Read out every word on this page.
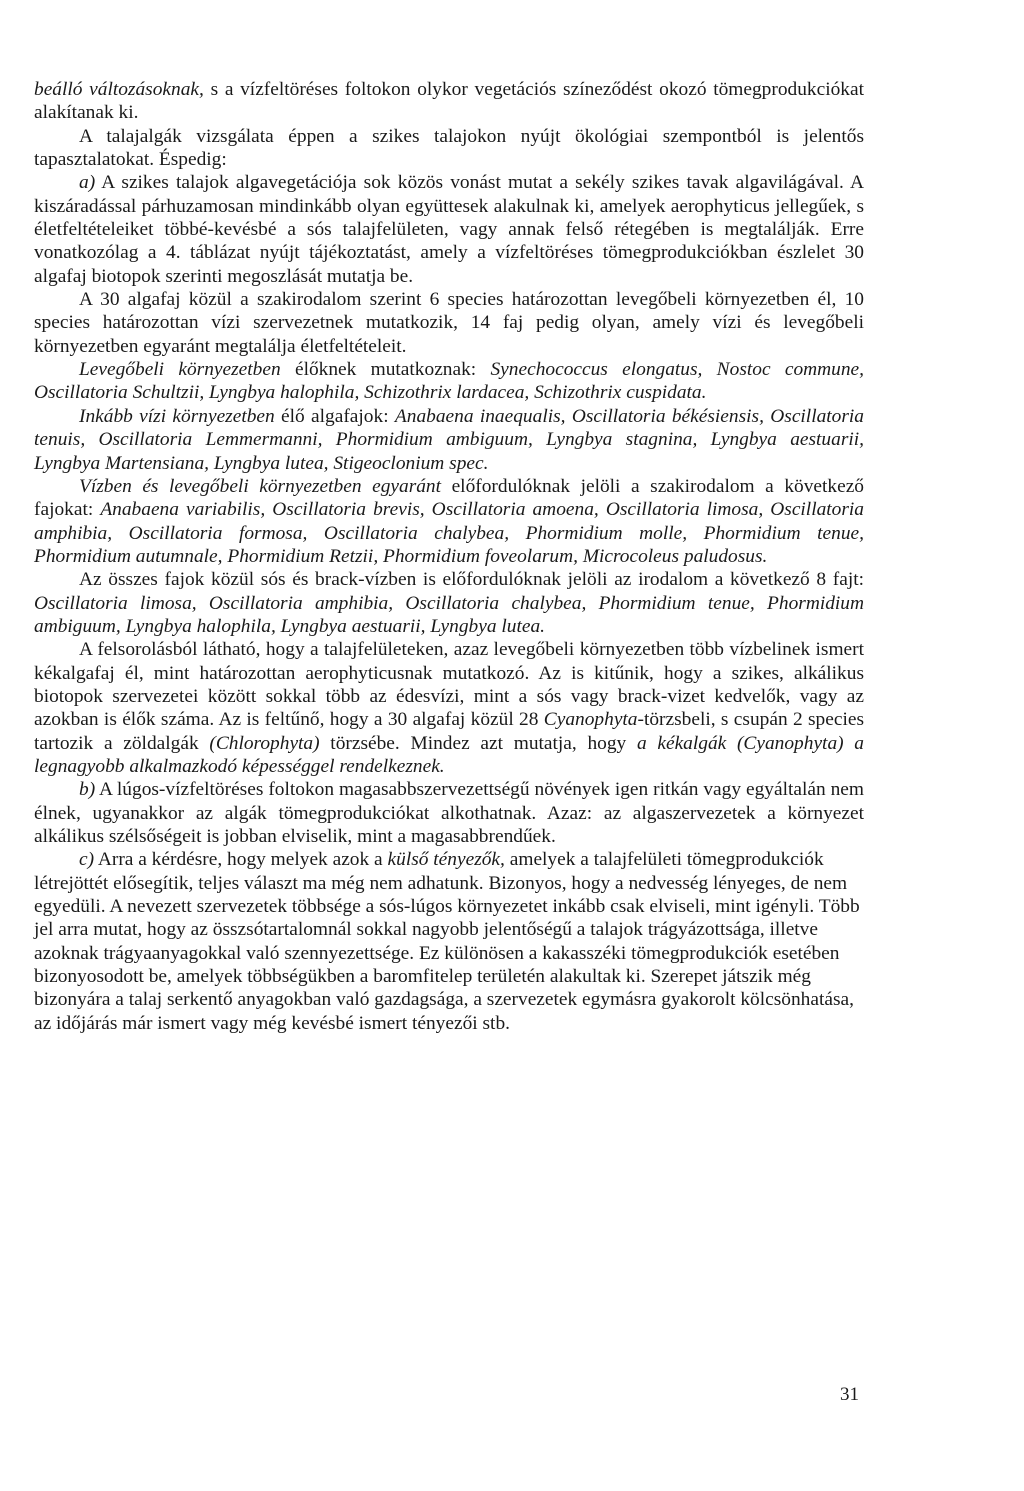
beálló változásoknak, s a vízfeltöréses foltokon olykor vegetációs színeződést okozó tömegprodukciókat alakítanak ki.

A talajalgák vizsgálata éppen a szikes talajokon nyújt ökológiai szempontból is jelentős tapasztalatokat. Éspedig:

a) A szikes talajok algavegetációja sok közös vonást mutat a sekély szikes tavak algavilágával. A kiszáradással párhuzamosan mindinkább olyan együttesek alakulnak ki, amelyek aerophyticus jellegűek, s életfeltételeiket többé-kevésbé a sós talajfelületen, vagy annak felső rétegében is megtalálják. Erre vonatkozólag a 4. táblázat nyújt tájékoztatást, amely a vízfeltöréses tömegprodukciókban észlelet 30 algafaj biotopok szerinti megoszlását mutatja be.

A 30 algafaj közül a szakirodalom szerint 6 species határozottan levegőbeli környezetben él, 10 species határozottan vízi szervezetnek mutatkozik, 14 faj pedig olyan, amely vízi és levegőbeli környezetben egyaránt megtalálja életfeltételeit.

Levegőbeli környezetben élőknek mutatkoznak: Synechococcus elongatus, Nostoc commune, Oscillatoria Schultzii, Lyngbya halophila, Schizothrix lardacea, Schizothrix cuspidata.

Inkább vízi környezetben élő algafajok: Anabaena inaequalis, Oscillatoria békésiensis, Oscillatoria tenuis, Oscillatoria Lemmermanni, Phormidium ambiguum, Lyngbya stagnina, Lyngbya aestuarii, Lyngbya Martensiana, Lyngbya lutea, Stigeoclonium spec.

Vízben és levegőbeli környezetben egyaránt előfordulóknak jelöli a szakirodalom a következő fajokat: Anabaena variabilis, Oscillatoria brevis, Oscillatoria amoena, Oscillatoria limosa, Oscillatoria amphibia, Oscillatoria formosa, Oscillatoria chalybea, Phormidium molle, Phormidium tenue, Phormidium autumnale, Phormidium Retzii, Phormidium foveolarum, Microcoleus paludosus.

Az összes fajok közül sós és brack-vízben is előfordulóknak jelöli az irodalom a következő 8 fajt: Oscillatoria limosa, Oscillatoria amphibia, Oscillatoria chalybea, Phormidium tenue, Phormidium ambiguum, Lyngbya halophila, Lyngbya aestuarii, Lyngbya lutea.

A felsorolásból látható, hogy a talajfelületeken, azaz levegőbeli környezetben több vízbelinek ismert kékalgafaj él, mint határozottan aerophyticusnak mutatkozó. Az is kitűnik, hogy a szikes, alkálikus biotopok szervezetei között sokkal több az édesvízi, mint a sós vagy brack-vizet kedvelők, vagy az azokban is élők száma. Az is feltűnő, hogy a 30 algafaj közül 28 Cyanophyta-törzsbeli, s csupán 2 species tartozik a zöldalgák (Chlorophyta) törzsébe. Mindez azt mutatja, hogy a kékalgák (Cyanophyta) a legnagyobb alkalmazkodó képességgel rendelkeznek.

b) A lúgos-vízfeltöréses foltokon magasabbszervezettségű növények igen ritkán vagy egyáltalán nem élnek, ugyanakkor az algák tömegprodukciókat alkothatnak. Azaz: az algaszervezetek a környezet alkálikus szélsőségeit is jobban elviselik, mint a magasabbrendűek.

c) Arra a kérdésre, hogy melyek azok a külső tényezők, amelyek a talajfelületi tömegprodukciók létrejöttét elősegítik, teljes választ ma még nem adhatunk. Bizonyos, hogy a nedvesség lényeges, de nem egyedüli. A nevezett szervezetek többsége a sós-lúgos környezetet inkább csak elviseli, mint igényli. Több jel arra mutat, hogy az összsótartalomnál sokkal nagyobb jelentőségű a talajok trágyázottsága, illetve azoknak trágyaanyagokkal való szennyezettsége. Ez különösen a kakasszéki tömegprodukciók esetében bizonyosodott be, amelyek többségükben a baromfitelep területén alakultak ki. Szerepet játszik még bizonyára a talaj serkentő anyagokban való gazdagsága, a szervezetek egymásra gyakorolt kölcsönhatása, az időjárás már ismert vagy még kevésbé ismert tényezői stb.

31
